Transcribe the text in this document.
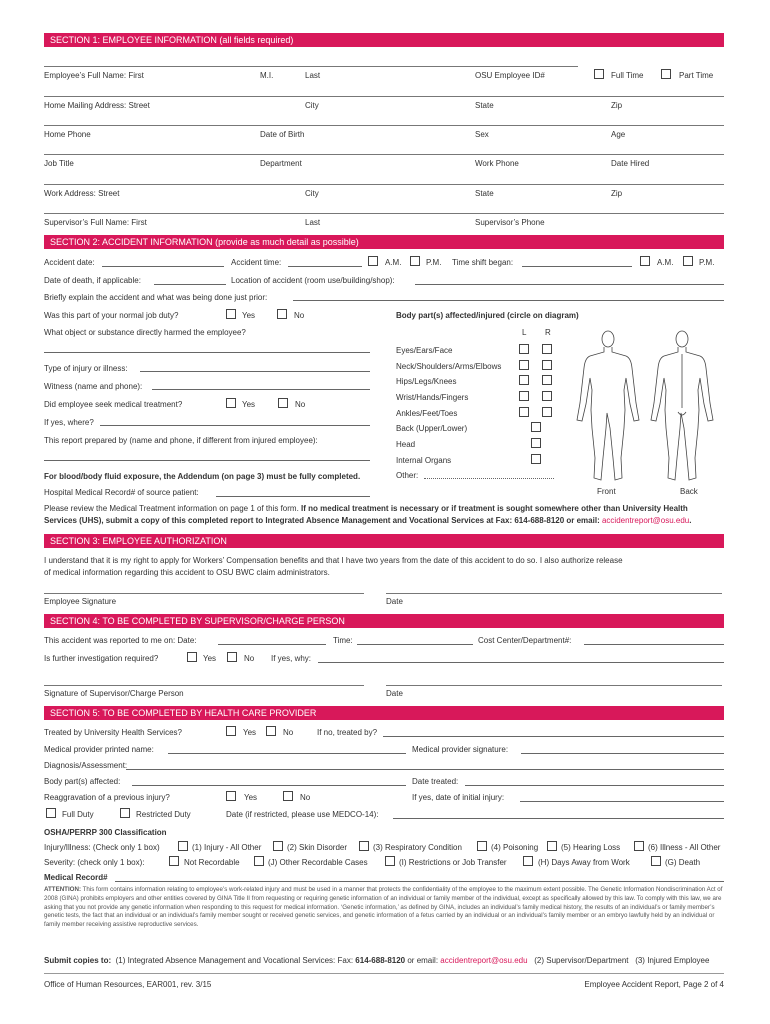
SECTION 1: EMPLOYEE INFORMATION (all fields required)
Employee’s Full Name: First	M.I.	Last	OSU Employee ID#	Full Time	Part Time
Home Mailing Address: Street	City	State	Zip
Home Phone	Date of Birth	Sex	Age
Job Title	Department	Work Phone	Date Hired
Work Address: Street	City	State	Zip
Supervisor’s Full Name: First	Last	Supervisor’s Phone
SECTION 2: ACCIDENT INFORMATION (provide as much detail as possible)
Accident date:	Accident time:	A.M.	P.M. Time shift began:	A.M.	P.M.
Date of death, if applicable:	Location of accident (room use/building/shop):
Briefly explain the accident and what was being done just prior:
Was this part of your normal job duty?	Yes	No
What object or substance directly harmed the employee?
Type of injury or illness:
Witness (name and phone):
Did employee seek medical treatment?	Yes	No
If yes, where?
This report prepared by (name and phone, if different from injured employee):
For blood/body fluid exposure, the Addendum (on page 3) must be fully completed.
Hospital Medical Record# of source patient:
Body part(s) affected/injured (circle on diagram)
L R
Eyes/Ears/Face
Neck/Shoulders/Arms/Elbows
Hips/Legs/Knees
Wrist/Hands/Fingers
Ankles/Feet/Toes
Back (Upper/Lower)
Head
Internal Organs
Other:
Front	Back
Please review the Medical Treatment information on page 1 of this form. If no medical treatment is necessary or if treatment is sought somewhere other than University Health
Services (UHS), submit a copy of this completed report to Integrated Absence Management and Vocational Services at Fax: 614-688-8120 or email: accidentreport@osu.edu.
SECTION 3: EMPLOYEE AUTHORIZATION
I understand that it is my right to apply for Workers’ Compensation benefits and that I have two years from the date of this accident to do so. I also authorize release
of medical information regarding this accident to OSU BWC claim administrators.
Employee Signature	Date
SECTION 4: TO BE COMPLETED BY SUPERVISOR/CHARGE PERSON
This accident was reported to me on: Date:	Time:	Cost Center/Department#:
Is further investigation required?	Yes	No If yes, why:
Signature of Supervisor/Charge Person	Date
SECTION 5: TO BE COMPLETED BY HEALTH CARE PROVIDER
Treated by University Health Services?	Yes	No	If no, treated by?
Medical provider printed name:	Medical provider signature:
Diagnosis/Assessment:
Body part(s) affected:	Date treated:
Reaggravation of a previous injury?	Yes	No	If yes, date of initial injury:
Full Duty	Restricted Duty	Date (if restricted, please use MEDCO-14):
OSHA/PERRP 300 Classification
Injury/Illness: (Check only 1 box)	(1) Injury - All Other	(2) Skin Disorder	(3) Respiratory Condition	(4) Poisoning	(5) Hearing Loss	(6) Illness - All Other
Severity: (check only 1 box):	Not Recordable	(J) Other Recordable Cases	(I) Restrictions or Job Transfer	(H) Days Away from Work	(G) Death
Medical Record#
ATTENTION: This form contains information relating to employee’s work-related injury and must be used in a manner that protects the confidentiality of the employee to the maximum extent possible. The Genetic Information Nondiscrimination Act of 2008 (GINA) prohibits employers and other entities covered by GINA Title II from requesting or requiring genetic information of an individual or family member of the individual, except as specifically allowed by this law. To comply with this law, we are asking that you not provide any genetic information when responding to this request for medical information. ‘Genetic information,’ as defined by GINA, includes an individual’s family medical history, the results of an individual’s or family member’s genetic tests, the fact that an individual or an individual’s family member sought or received genetic services, and genetic information of a fetus carried by an individual or an individual’s family member or an embryo lawfully held by an individual or family member receiving assistive reproductive services.
Submit copies to: (1) Integrated Absence Management and Vocational Services: Fax: 614-688-8120 or email: accidentreport@osu.edu (2) Supervisor/Department (3) Injured Employee
Office of Human Resources, EAR001, rev. 3/15	Employee Accident Report, Page 2 of 4
